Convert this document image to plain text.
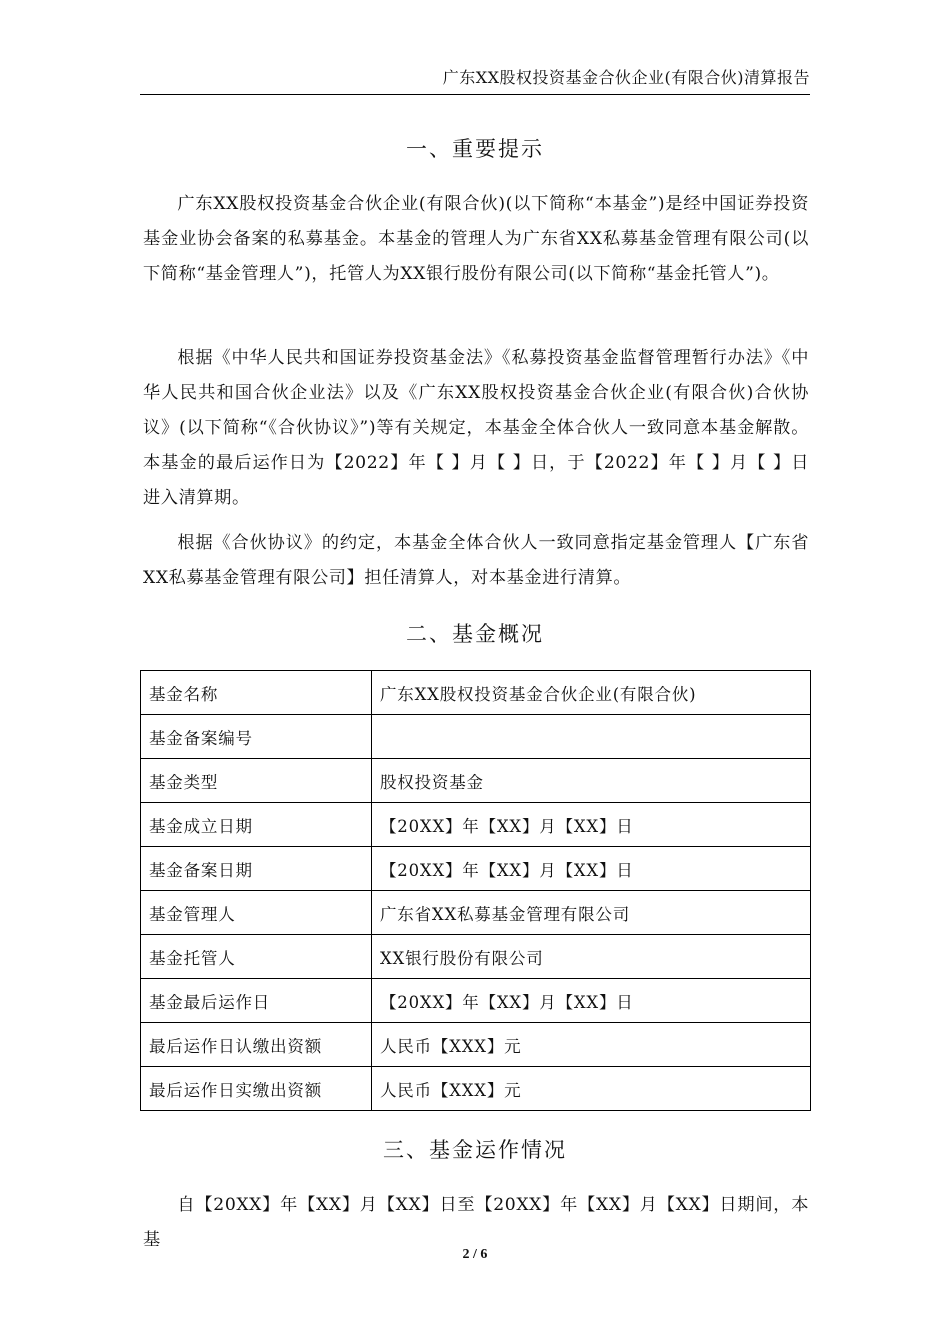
广东XX股权投资基金合伙企业(有限合伙)清算报告
一、重要提示
广东XX股权投资基金合伙企业(有限合伙)(以下简称“本基金”)是经中国证券投资基金业协会备案的私募基金。本基金的管理人为广东省XX私募基金管理有限公司(以下简称“基金管理人”)，托管人为XX银行股份有限公司(以下简称“基金托管人”)。
根据《中华人民共和国证券投资基金法》《私募投资基金监督管理暂行办法》《中华人民共和国合伙企业法》以及《广东XX股权投资基金合伙企业(有限合伙)合伙协议》(以下简称“《合伙协议》”)等有关规定，本基金全体合伙人一致同意本基金解散。本基金的最后运作日为【2022】年【 】月【 】日，于【2022】年【 】月【 】日进入清算期。
根据《合伙协议》的约定，本基金全体合伙人一致同意指定基金管理人【广东省XX私募基金管理有限公司】担任清算人，对本基金进行清算。
二、基金概况
基金名称	广东XX股权投资基金合伙企业(有限合伙)
基金备案编号	
基金类型	股权投资基金
基金成立日期	【20XX】年【XX】月【XX】日
基金备案日期	【20XX】年【XX】月【XX】日
基金管理人	广东省XX私募基金管理有限公司
基金托管人	XX银行股份有限公司
基金最后运作日	【20XX】年【XX】月【XX】日
最后运作日认缴出资额	人民币【XXX】元
最后运作日实缴出资额	人民币【XXX】元
三、基金运作情况
自【20XX】年【XX】月【XX】日至【20XX】年【XX】月【XX】日期间，本基
2 / 6
